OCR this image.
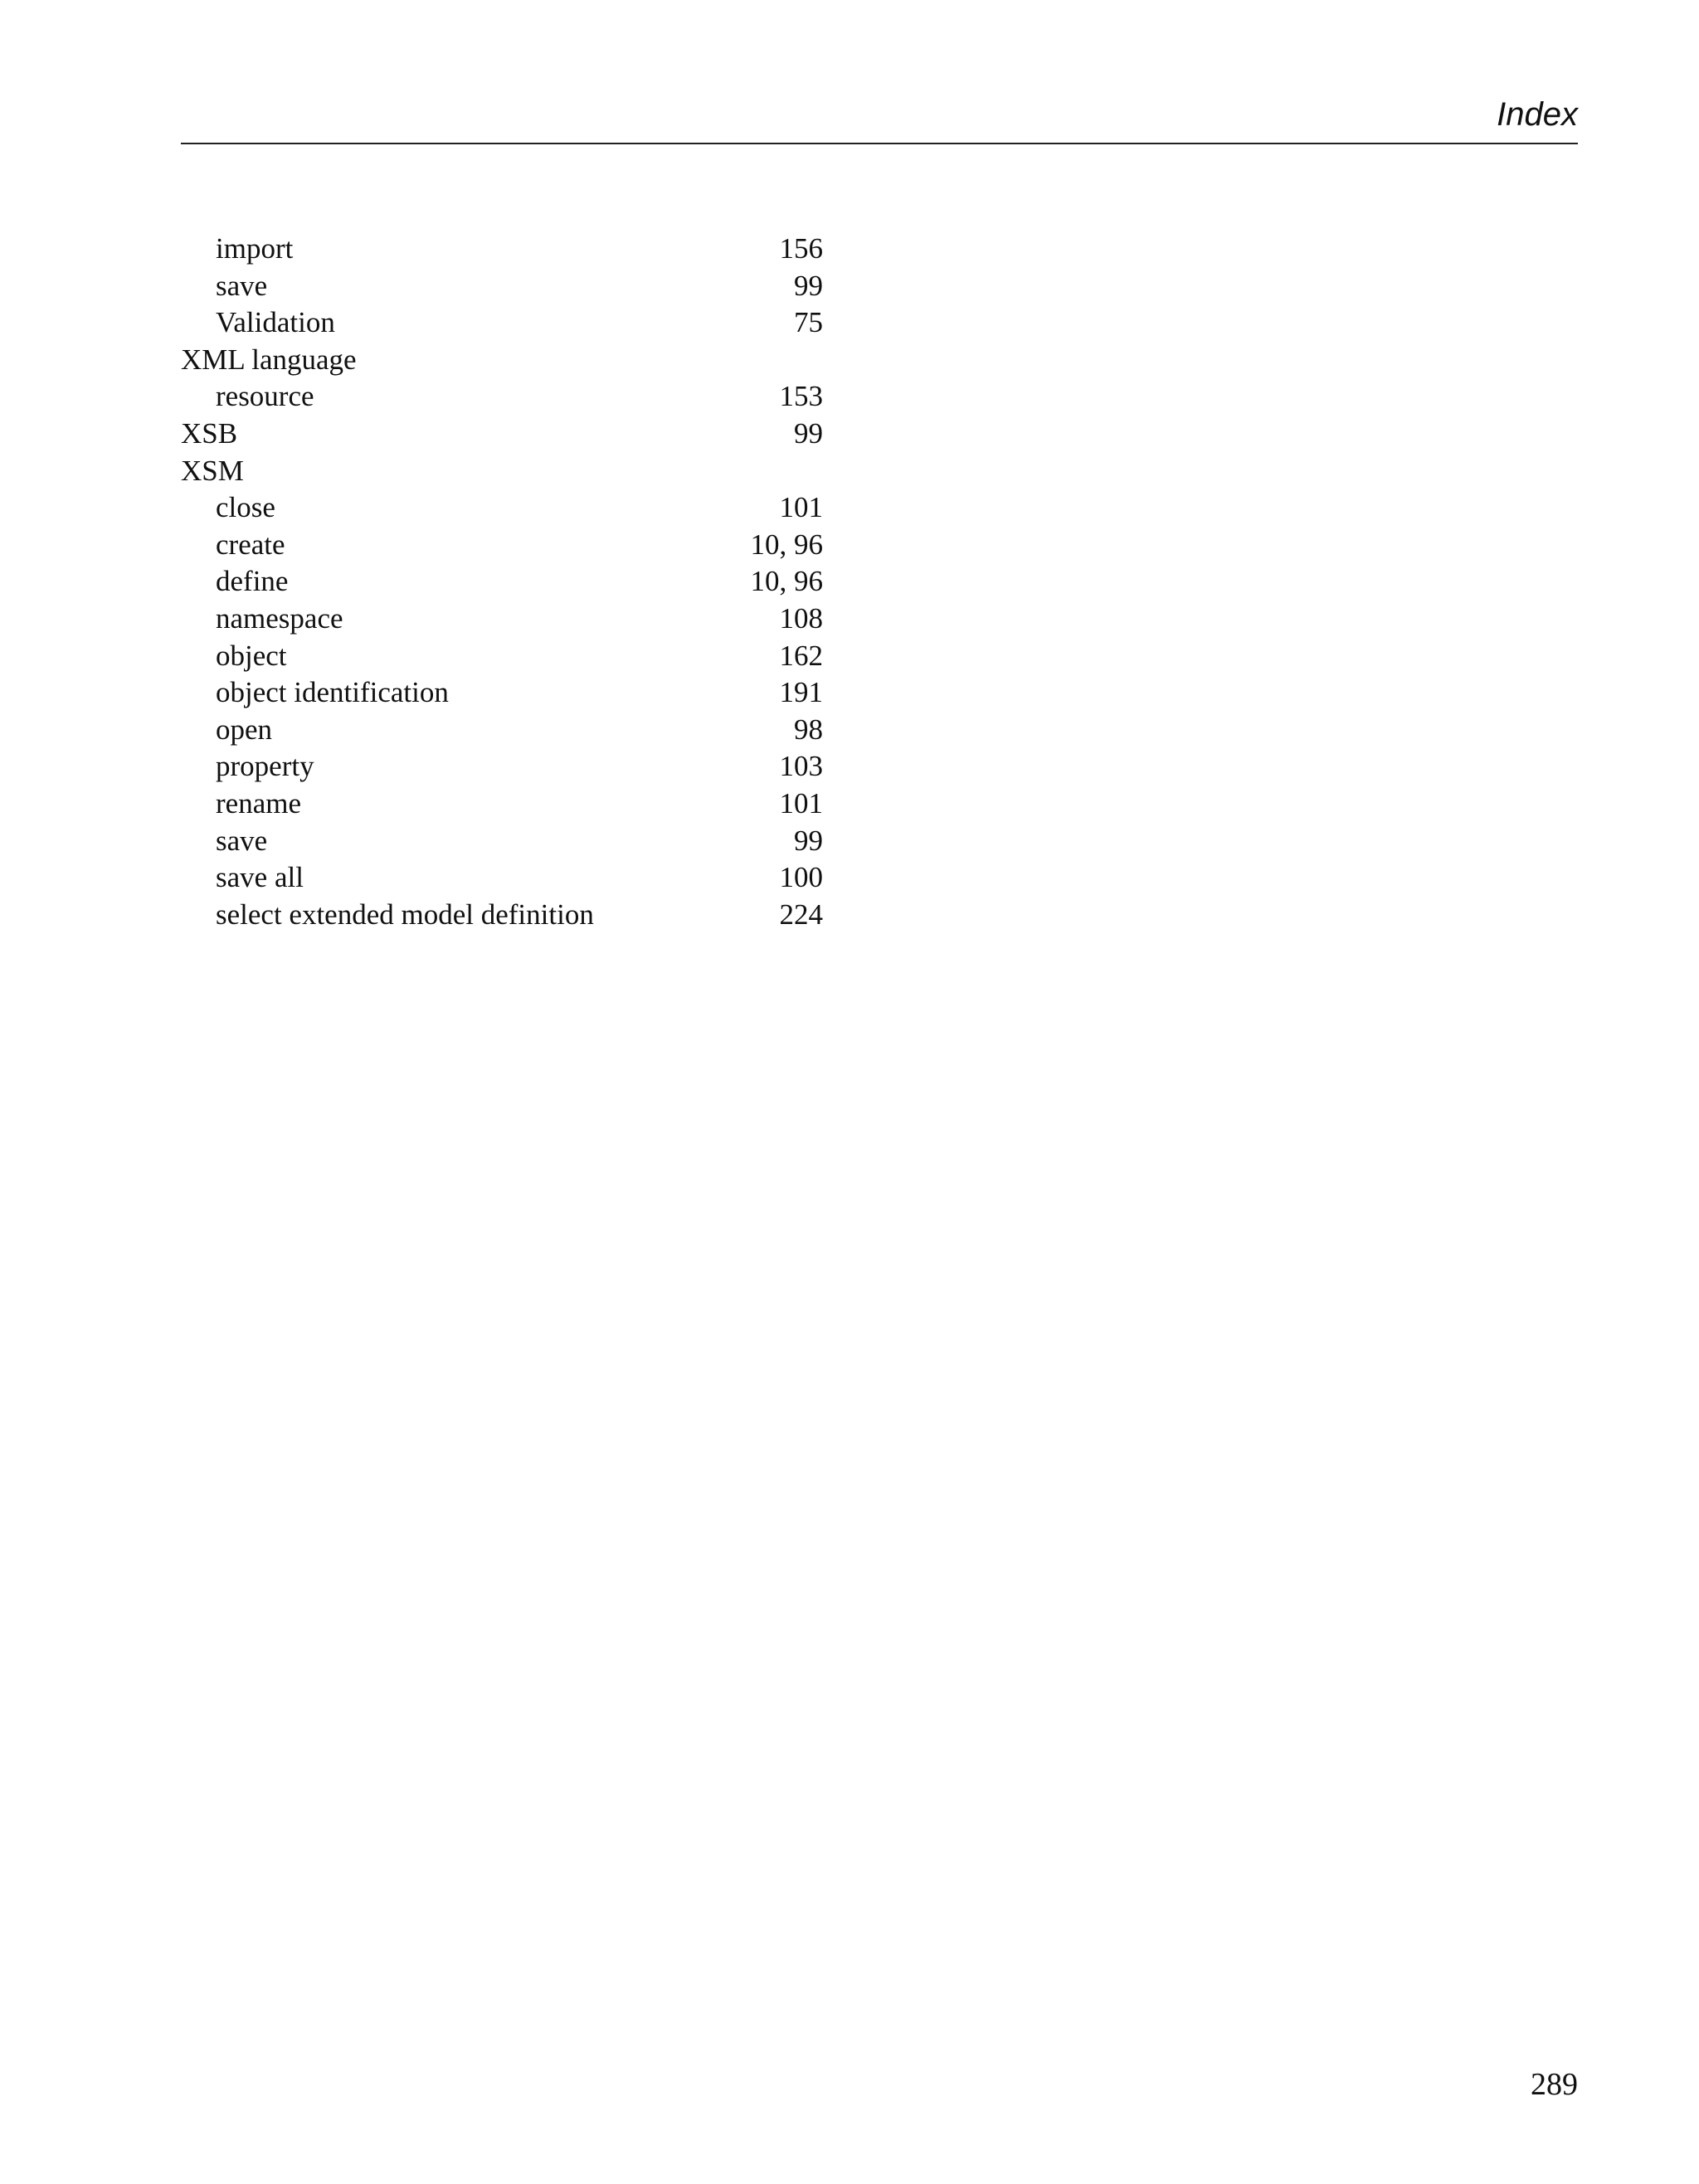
Index
import	156
save	99
Validation	75
XML language
resource	153
XSB	99
XSM
close	101
create	10, 96
define	10, 96
namespace	108
object	162
object identification	191
open	98
property	103
rename	101
save	99
save all	100
select extended model definition	224
289
